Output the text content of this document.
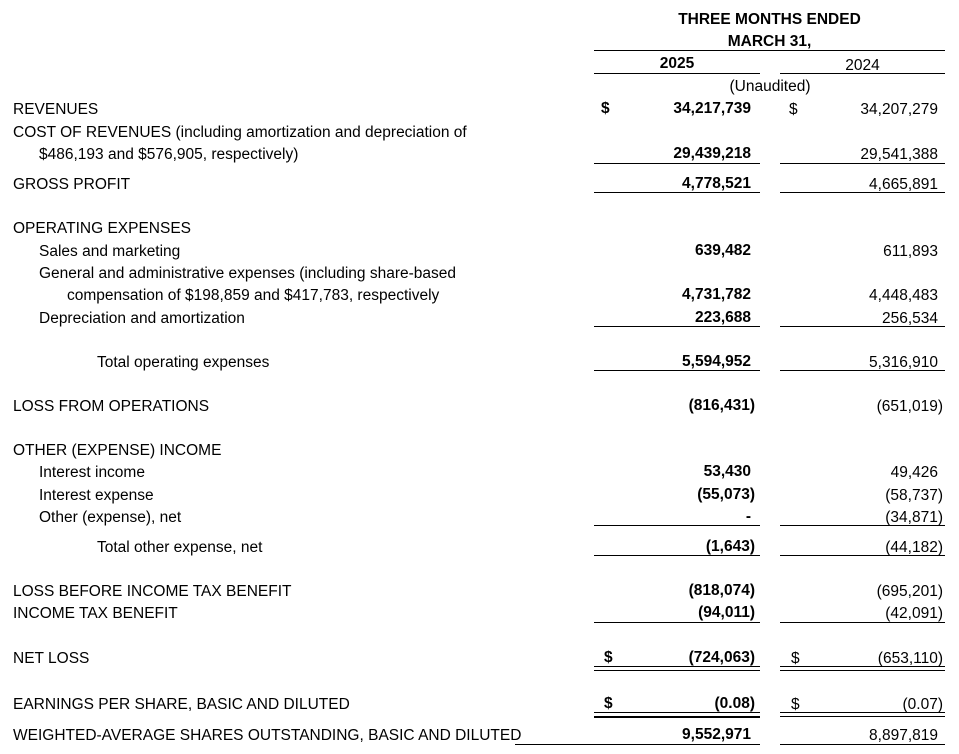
THREE MONTHS ENDED
MARCH 31,
2025	2024
(Unaudited)
REVENUES	$	34,217,739 $	34,207,279
COST OF REVENUES (including amortization and depreciation of
$486,193 and $576,905, respectively)	29,439,218	29,541,388
GROSS PROFIT	4,778,521	4,665,891
OPERATING EXPENSES
Sales and marketing	639,482	611,893
General and administrative expenses (including share-based
compensation of $198,859 and $417,783, respectively	4,731,782	4,448,483
Depreciation and amortization	223,688	256,534
Total operating expenses	5,594,952	5,316,910
LOSS FROM OPERATIONS	(816,431)	(651,019)
OTHER (EXPENSE) INCOME
Interest income	53,430	49,426
Interest expense	(55,073)	(58,737)
Other (expense), net	-	(34,871)
Total other expense, net	(1,643)	(44,182)
LOSS BEFORE INCOME TAX BENEFIT	(818,074)	(695,201)
INCOME TAX BENEFIT	(94,011)	(42,091)
NET LOSS	$	(724,063) $	(653,110)
EARNINGS PER SHARE, BASIC AND DILUTED	$	(0.08) $	(0.07)
WEIGHTED-AVERAGE SHARES OUTSTANDING, BASIC AND DILUTED	9,552,971	8,897,819
